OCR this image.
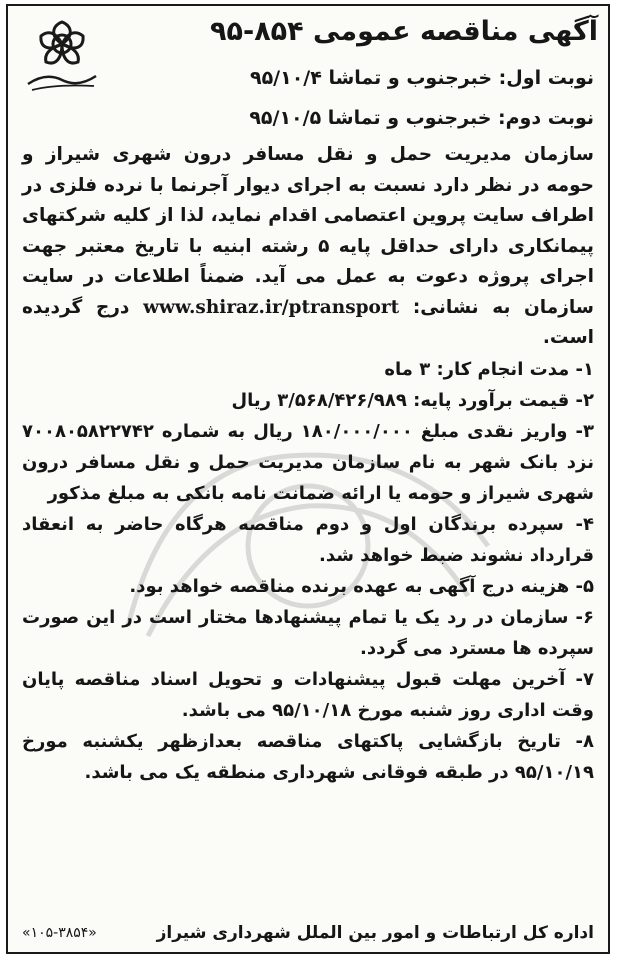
آگهی مناقصه عمومی ۸۵۴-۹۵
نوبت اول: خبرجنوب و تماشا ۹۵/۱۰/۴
نوبت دوم: خبرجنوب و تماشا ۹۵/۱۰/۵

سازمان مدیریت حمل و نقل مسافر درون شهری شیراز و حومه در نظر دارد نسبت به اجرای دیوار آجرنما با نرده فلزی در اطراف سایت پروین اعتصامی اقدام نماید، لذا از کلیه شرکتهای پیمانکاری دارای حداقل پایه ۵ رشته ابنیه با تاریخ معتبر جهت اجرای پروژه دعوت به عمل می آید. ضمناً اطلاعات در سایت سازمان به نشانی: www.shiraz.ir/ptransport درج گردیده است.

۱- مدت انجام کار: ۳ ماه

۲- قیمت برآورد پایه: ۳/۵۶۸/۴۲۶/۹۸۹ ریال

۳- واریز نقدی مبلغ ۱۸۰/۰۰۰/۰۰۰ ریال به شماره ۷۰۰۸۰۵۸۲۲۷۴۲ نزد بانک شهر به نام سازمان مدیریت حمل و نقل مسافر درون شهری شیراز و حومه یا ارائه ضمانت نامه بانکی به مبلغ مذکور

۴- سپرده برندگان اول و دوم مناقصه هرگاه حاضر به انعقاد قرارداد نشوند ضبط خواهد شد.

۵- هزینه درج آگهی به عهده برنده مناقصه خواهد بود.

۶- سازمان در رد یک یا تمام پیشنهادها مختار است در این صورت سپرده ها مسترد می گردد.

۷- آخرین مهلت قبول پیشنهادات و تحویل اسناد مناقصه پایان وقت اداری روز شنبه مورخ ۹۵/۱۰/۱۸ می باشد.

۸- تاریخ بازگشایی پاکتهای مناقصه بعدازظهر یکشنبه مورخ ۹۵/۱۰/۱۹ در طبقه فوقانی شهرداری منطقه یک می باشد.

اداره کل ارتباطات و امور بین الملل شهرداری شیراز
«۱۰۵-۳۸۵۴»
